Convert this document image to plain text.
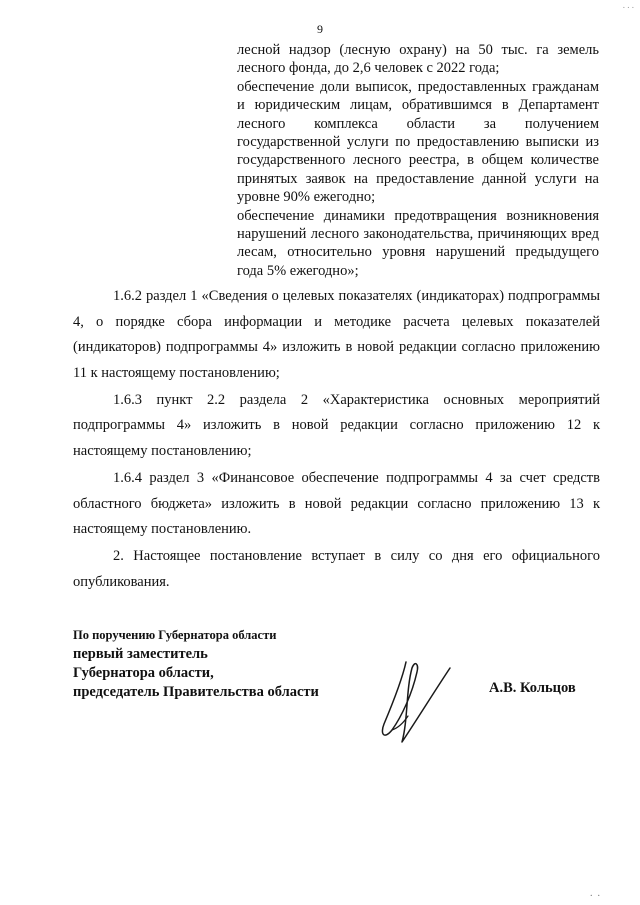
9

лесной надзор (лесную охрану) на 50 тыс. га земель лесного фонда, до 2,6 человек с 2022 года;

обеспечение доли выписок, предоставленных гражданам и юридическим лицам, обратившимся в Департамент лесного комплекса области за получением государственной услуги по предоставлению выписки из государственного лесного реестра, в общем количестве принятых заявок на предоставление данной услуги на уровне 90% ежегодно;

обеспечение динамики предотвращения возникновения нарушений лесного законодательства, причиняющих вред лесам, относительно уровня нарушений предыдущего года 5% ежегодно»;

1.6.2 раздел 1 «Сведения о целевых показателях (индикаторах) подпрограммы 4, о порядке сбора информации и методике расчета целевых показателей (индикаторов) подпрограммы 4» изложить в новой редакции согласно приложению 11 к настоящему постановлению;

1.6.3 пункт 2.2 раздела 2 «Характеристика основных мероприятий подпрограммы 4» изложить в новой редакции согласно приложению 12 к настоящему постановлению;

1.6.4 раздел 3 «Финансовое обеспечение подпрограммы 4 за счет средств областного бюджета» изложить в новой редакции согласно приложению 13 к настоящему постановлению.

2. Настоящее постановление вступает в силу со дня его официального опубликования.

По поручению Губернатора области
первый заместитель
Губернатора области,
председатель Правительства области	А.В. Кольцов
. . .
.  .
